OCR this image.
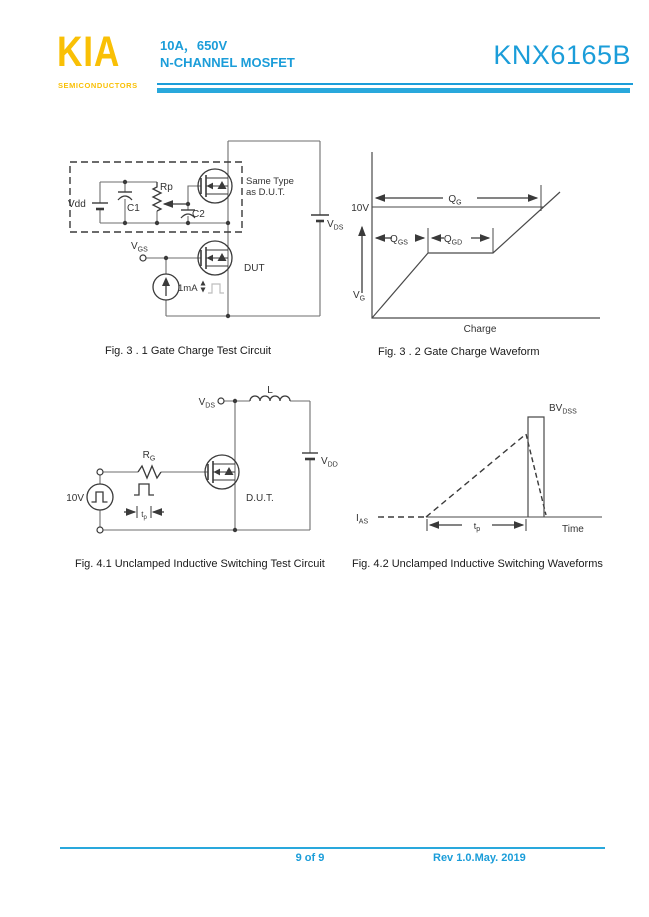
KIA
SEMICONDUCTORS
10A，650V
N-CHANNEL MOSFET	KNX6165B
Vdd	C1
Rp
C2
Same Type
as D.U.T.
$V_{GS}$
DUT
1mA
$V_{DS}$
Fig. 3 . 1 Gate Charge Test Circuit
10V
$V_G$
$Q_G$
$Q_{GS}$	$Q_{GD}$
Charge
Fig. 3 . 2 Gate Charge Waveform
$V_{DS}$
L
$R_G$
10V
$t_p$
D.U.T.
$V_{DD}$
Fig. 4.1 Unclamped Inductive Switching Test Circuit
$I_{AS}$
$BV_{DSS}$
Time
$t_p$
Fig. 4.2 Unclamped Inductive Switching Waveforms
9 of 9	Rev 1.0.May. 2019
